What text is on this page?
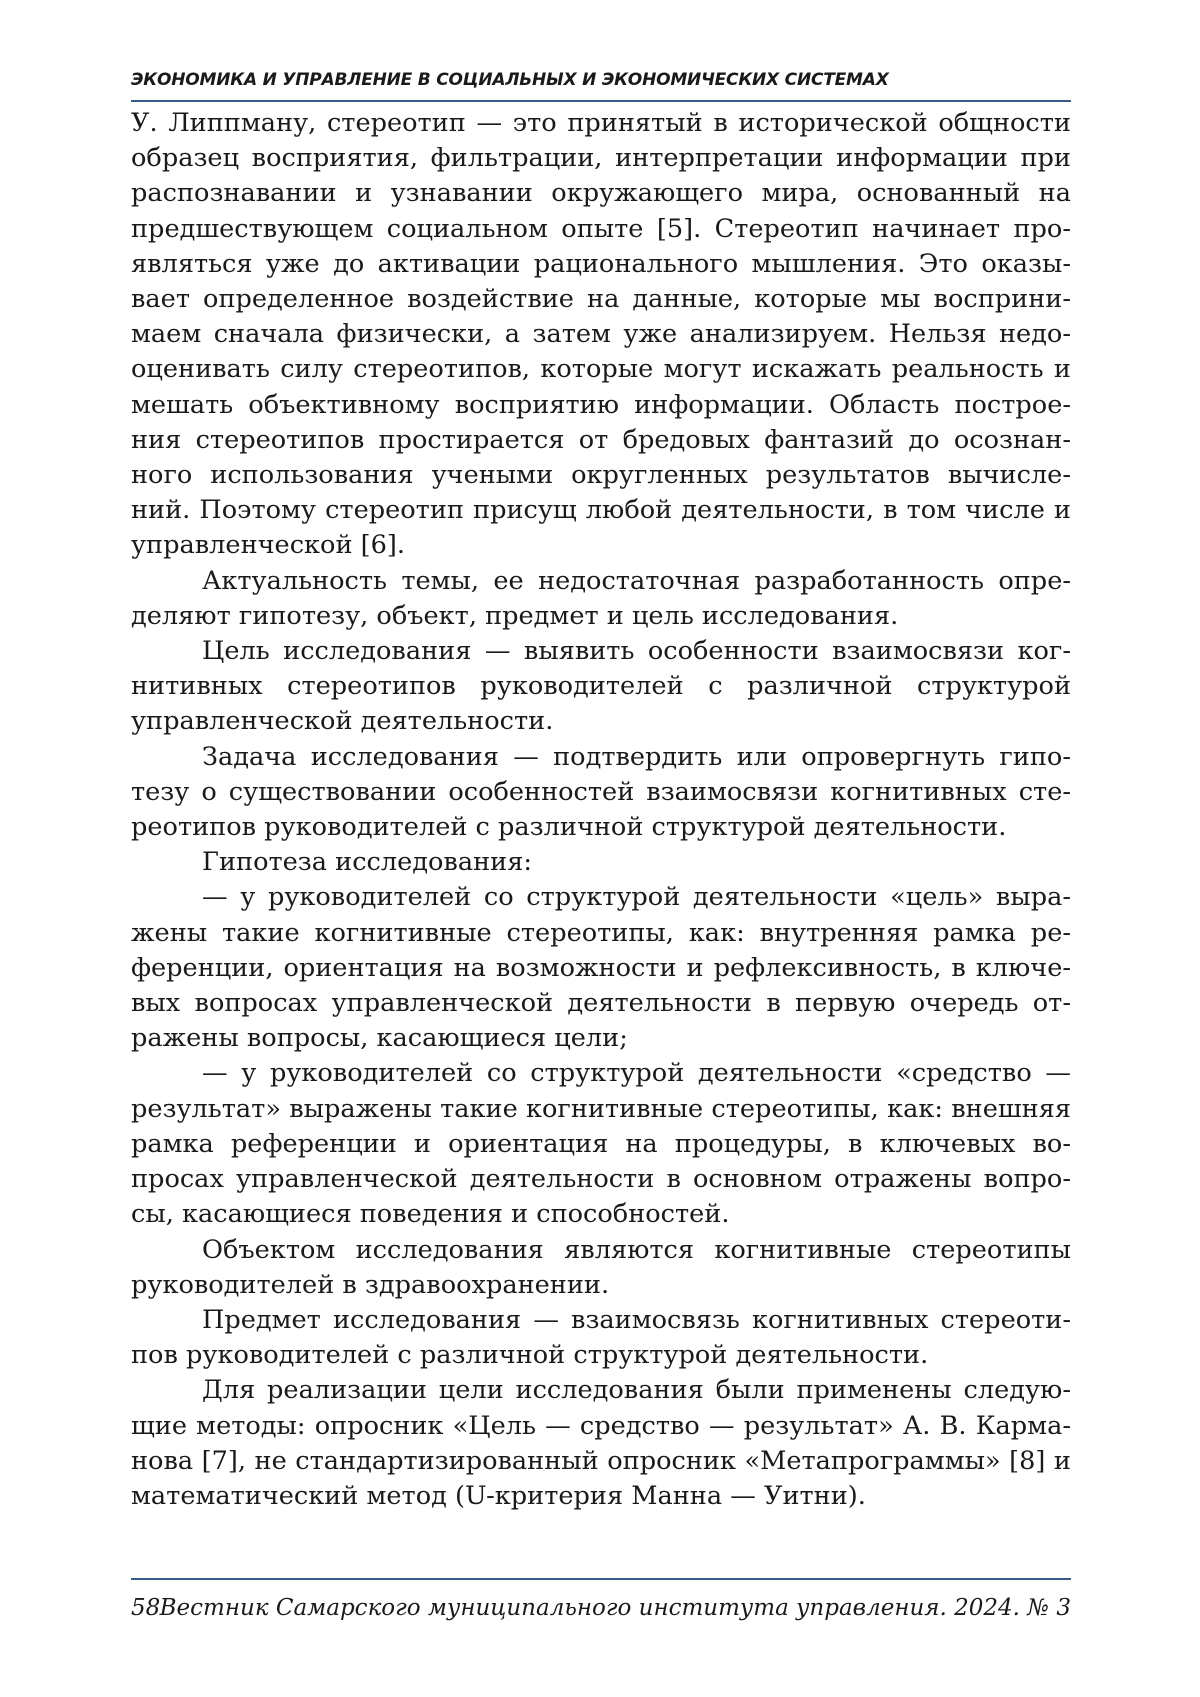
ЭКОНОМИКА И УПРАВЛЕНИЕ В СОЦИАЛЬНЫХ И ЭКОНОМИЧЕСКИХ СИСТЕМАХ

У. Липпману, стереотип — это принятый в исторической общности образец восприятия, фильтрации, интерпретации информации при распознавании и узнавании окружающего мира, основанный на предшествующем социальном опыте [5]. Стереотип начинает проявляться уже до активации рационального мышления. Это оказывает определенное воздействие на данные, которые мы воспринимаем сначала физически, а затем уже анализируем. Нельзя недооценивать силу стереотипов, которые могут искажать реальность и мешать объективному восприятию информации. Область построения стереотипов простирается от бредовых фантазий до осознанного использования учеными округленных результатов вычислений. Поэтому стереотип присущ любой деятельности, в том числе и управленческой [6].

Актуальность темы, ее недостаточная разработанность определяют гипотезу, объект, предмет и цель исследования.

Цель исследования — выявить особенности взаимосвязи когнитивных стереотипов руководителей с различной структурой управленческой деятельности.

Задача исследования — подтвердить или опровергнуть гипотезу о существовании особенностей взаимосвязи когнитивных стереотипов руководителей с различной структурой деятельности.

Гипотеза исследования:

— у руководителей со структурой деятельности «цель» выражены такие когнитивные стереотипы, как: внутренняя рамка референции, ориентация на возможности и рефлексивность, в ключевых вопросах управленческой деятельности в первую очередь отражены вопросы, касающиеся цели;

— у руководителей со структурой деятельности «средство — результат» выражены такие когнитивные стереотипы, как: внешняя рамка референции и ориентация на процедуры, в ключевых вопросах управленческой деятельности в основном отражены вопросы, касающиеся поведения и способностей.

Объектом исследования являются когнитивные стереотипы руководителей в здравоохранении.

Предмет исследования — взаимосвязь когнитивных стереотипов руководителей с различной структурой деятельности.

Для реализации цели исследования были применены следующие методы: опросник «Цель — средство — результат» А. В. Карманова [7], не стандартизированный опросник «Метапрограммы» [8] и математический метод (U-критерия Манна — Уитни).

58 Вестник Самарского муниципального института управления. 2024. № 3
